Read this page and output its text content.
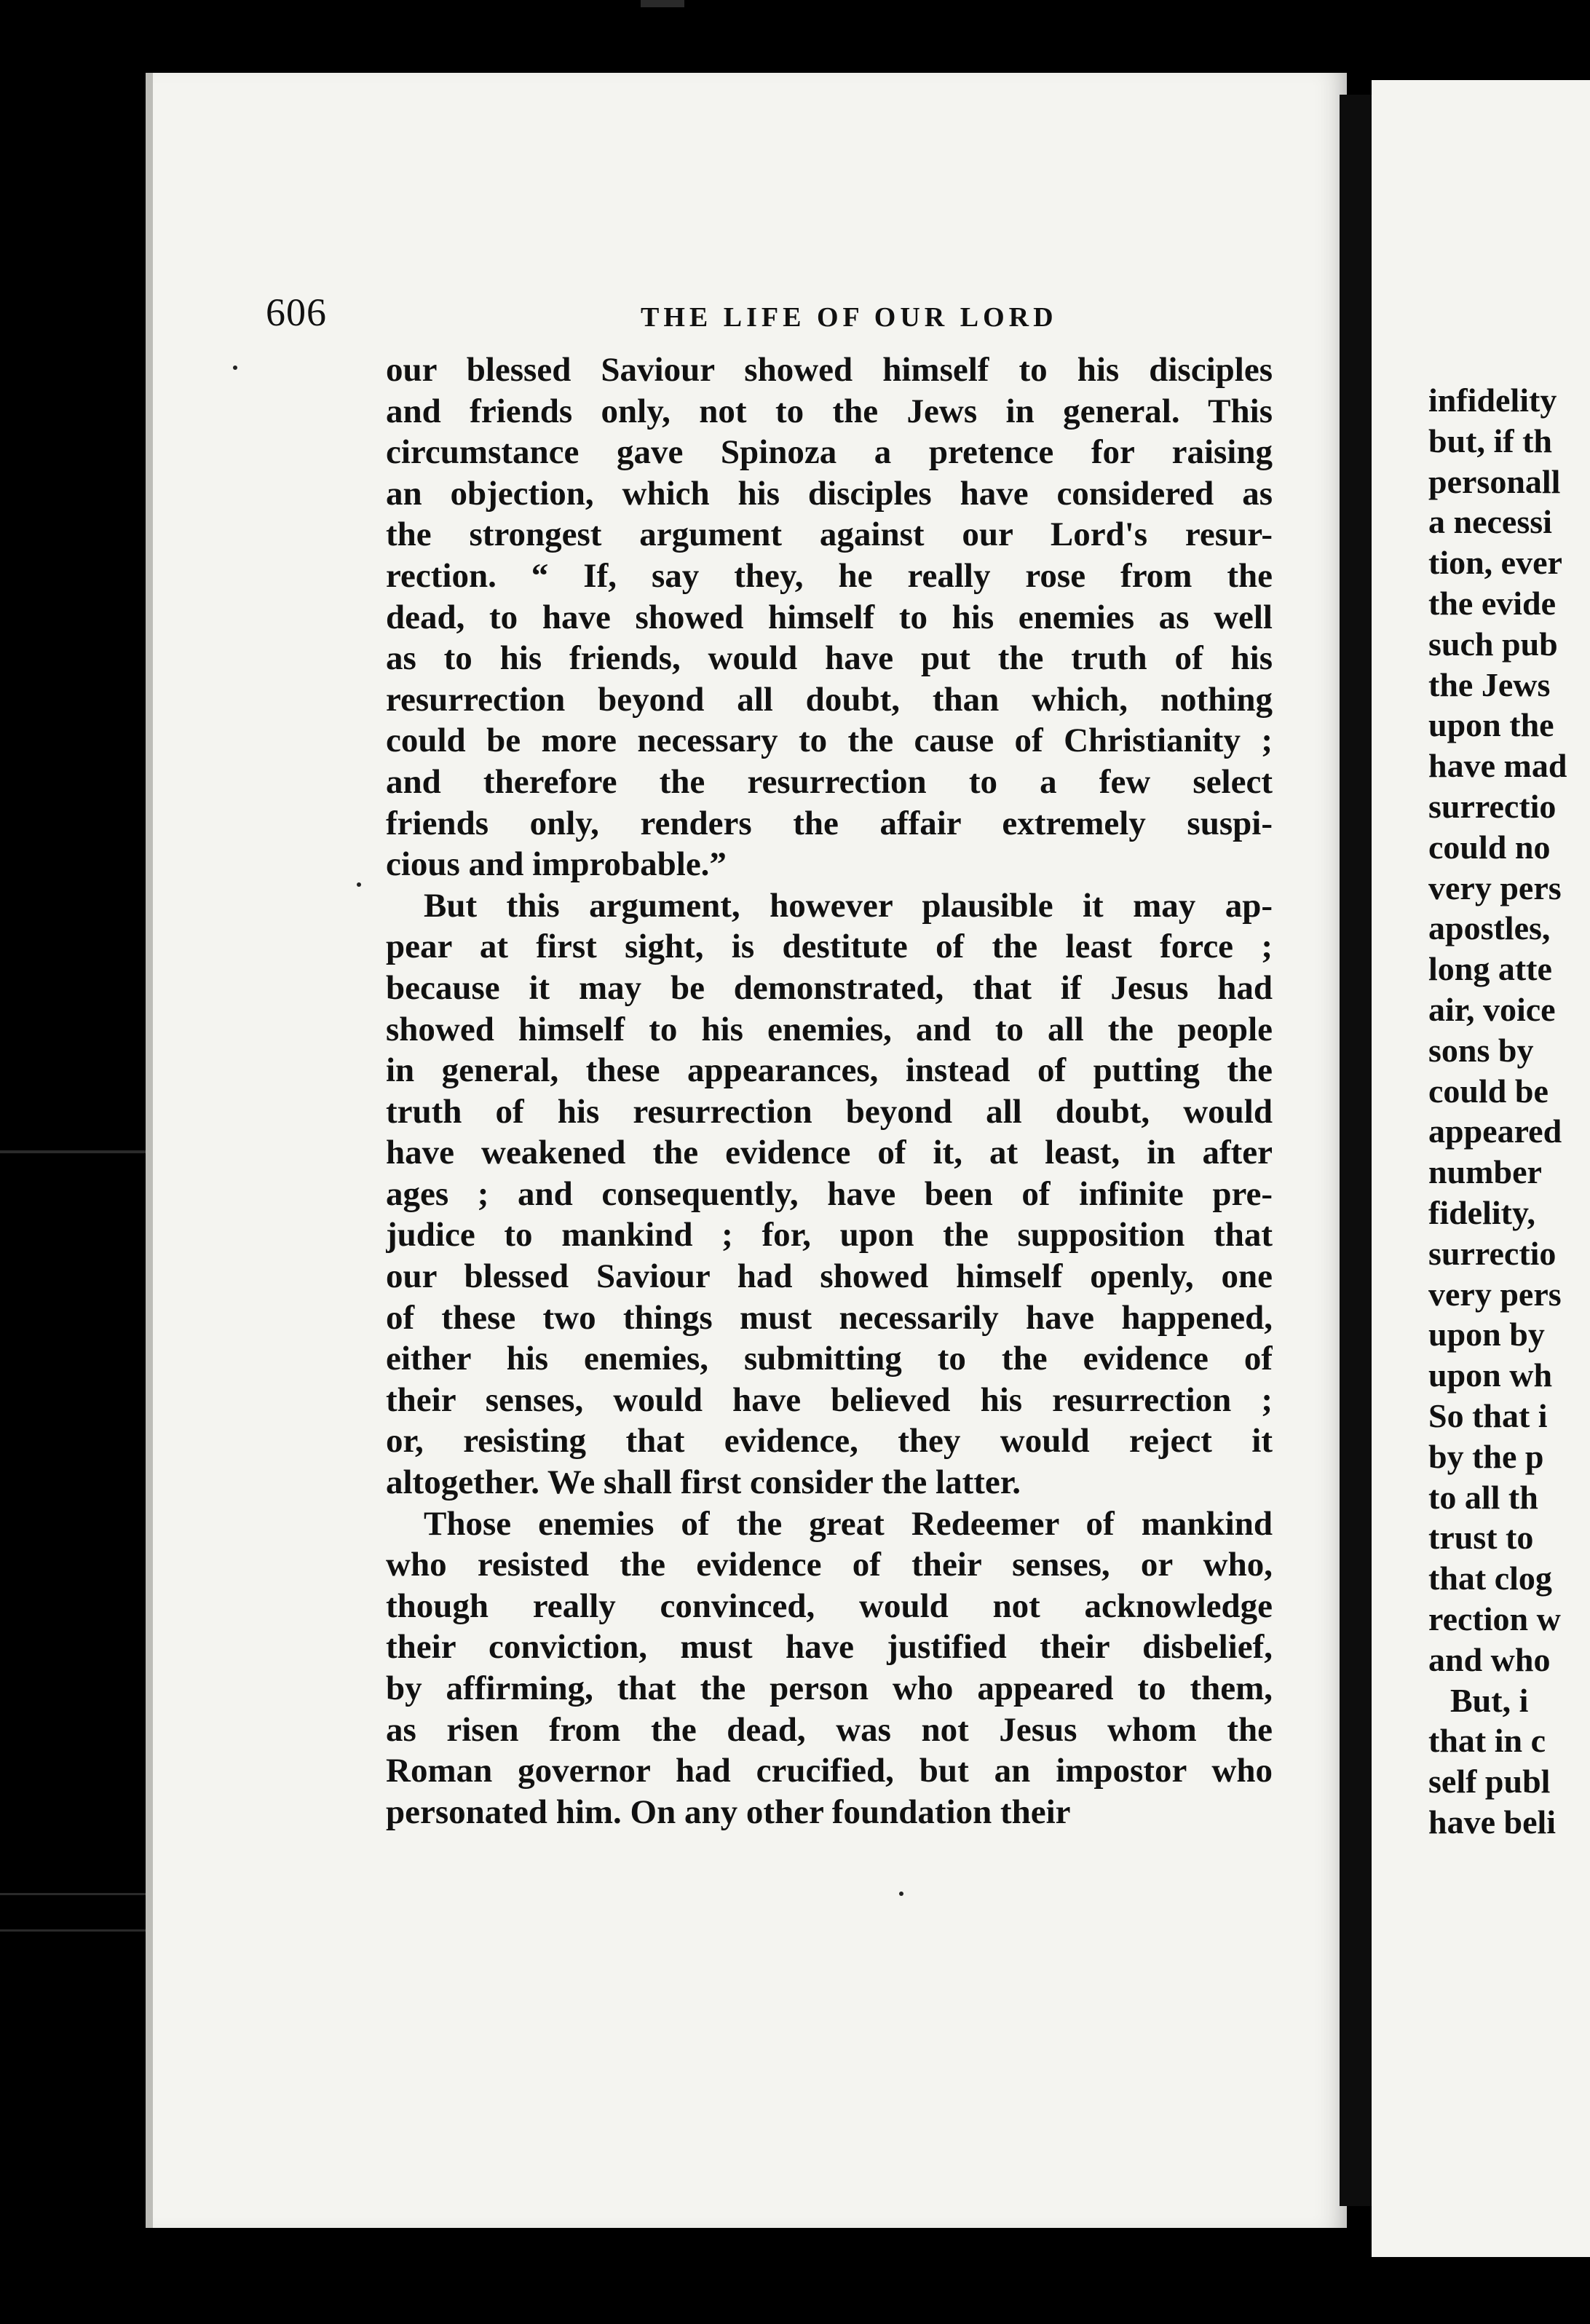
infidelity
but, if th
personall
a necessi
tion, ever
the evide
such pub
the Jews
upon the
have mad
surrectio
could no
very pers
apostles,
long atte
air, voice
sons by
could be
appeared
number
fidelity,
surrectio
very pers
upon by
upon wh
So that i
by the p
to all th
trust to
that clog
rection w
and who
But, i
that in c
self publ
have beli
606	THE LIFE OF OUR LORD
our blessed Saviour showed himself to his disciples
and friends only, not to the Jews in general. This
circumstance gave Spinoza a pretence for raising
an objection, which his disciples have considered as
the strongest argument against our Lord's resur-
rection. “ If, say they, he really rose from the
dead, to have showed himself to his enemies as well
as to his friends, would have put the truth of his
resurrection beyond all doubt, than which, nothing
could be more necessary to the cause of Christianity ;
and therefore the resurrection to a few select
friends only, renders the affair extremely suspi-
cious and improbable.”
But this argument, however plausible it may ap-
pear at first sight, is destitute of the least force ;
because it may be demonstrated, that if Jesus had
showed himself to his enemies, and to all the people
in general, these appearances, instead of putting the
truth of his resurrection beyond all doubt, would
have weakened the evidence of it, at least, in after
ages ; and consequently, have been of infinite pre-
judice to mankind ; for, upon the supposition that
our blessed Saviour had showed himself openly, one
of these two things must necessarily have happened,
either his enemies, submitting to the evidence of
their senses, would have believed his resurrection ;
or, resisting that evidence, they would reject it
altogether. We shall first consider the latter.
Those enemies of the great Redeemer of mankind
who resisted the evidence of their senses, or who,
though really convinced, would not acknowledge
their conviction, must have justified their disbelief,
by affirming, that the person who appeared to them,
as risen from the dead, was not Jesus whom the
Roman governor had crucified, but an impostor who
personated him. On any other foundation their
